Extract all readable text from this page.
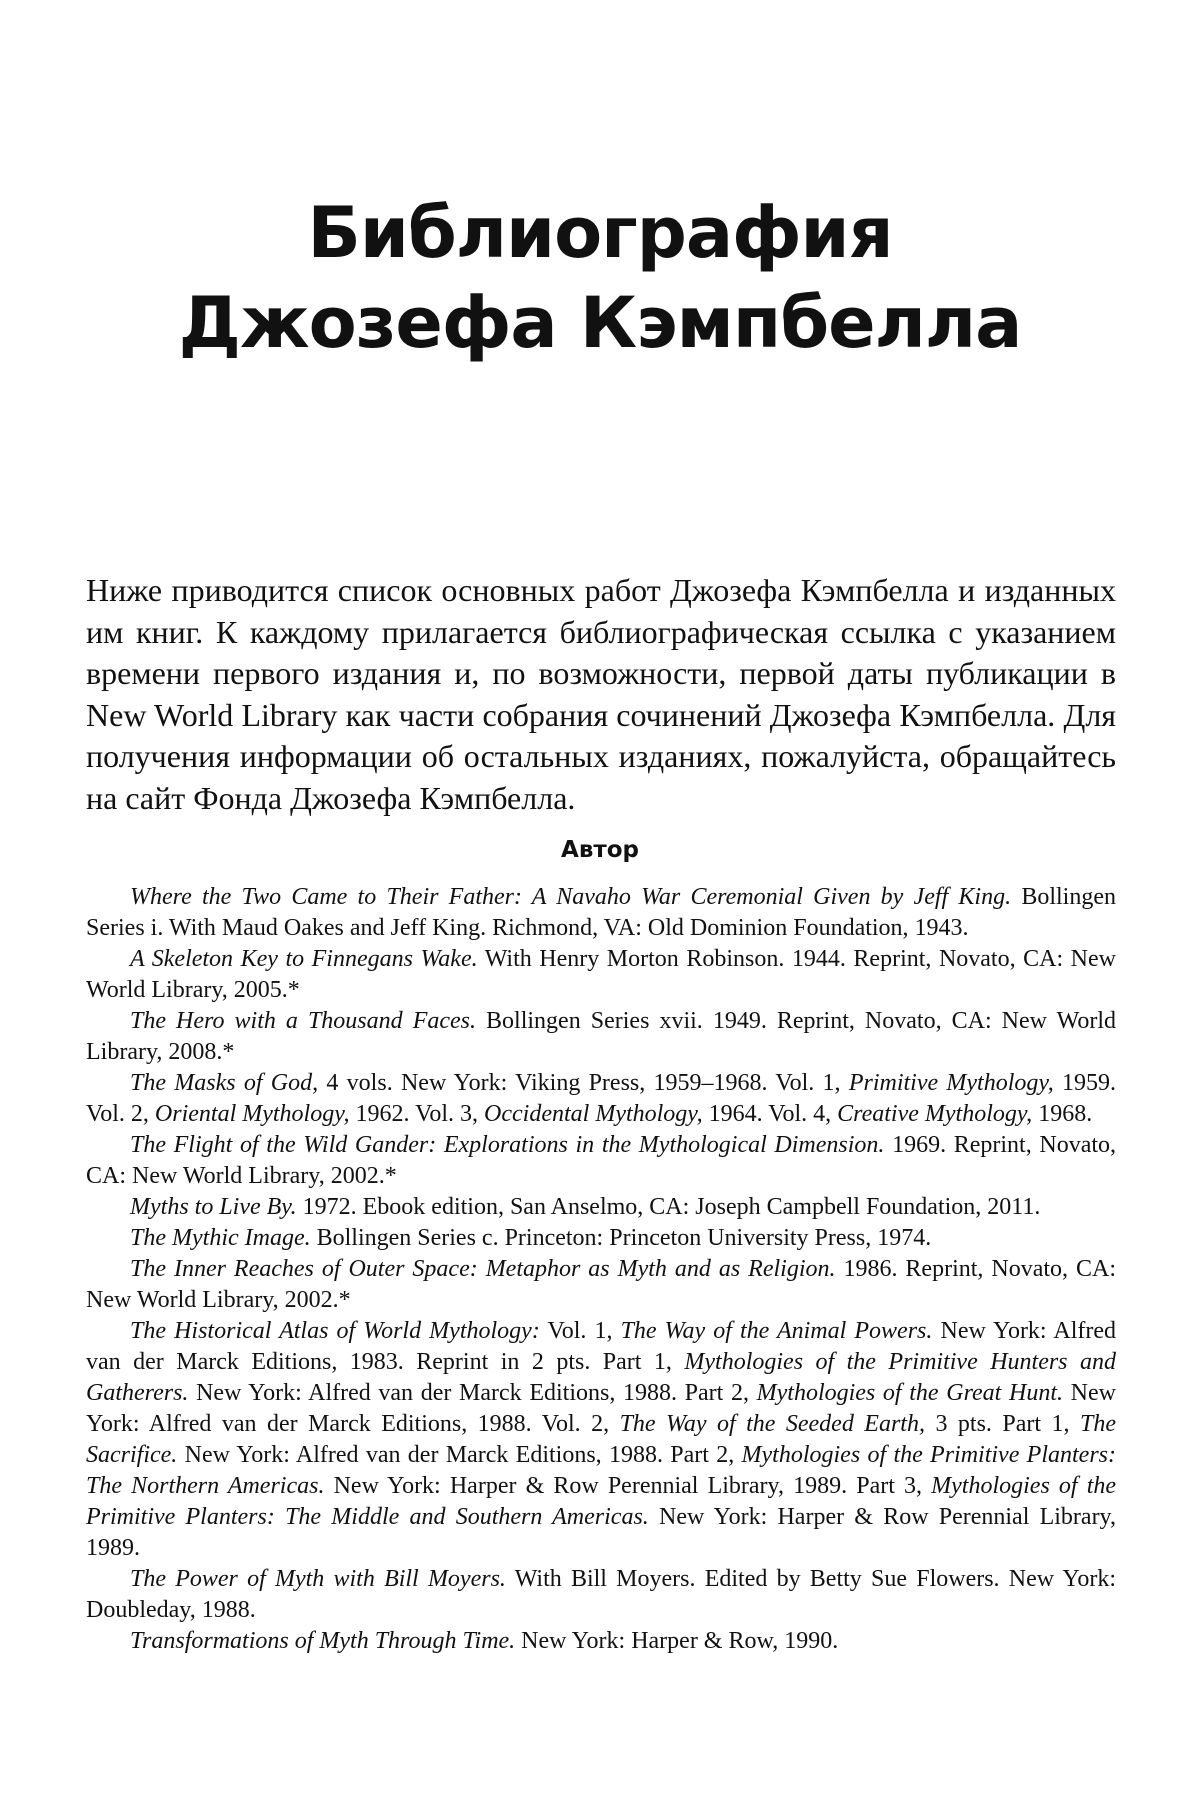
Библиография
Джозефа Кэмпбелла

Ниже приводится список основных работ Джозефа Кэмпбелла и изданных им книг. К каждому прилагается библиографическая ссылка с указанием времени первого издания и, по возможности, первой даты публикации в New World Library как части собрания сочинений Джозефа Кэмпбелла. Для получения информации об остальных изданиях, пожалуйста, обращайтесь на сайт Фонда Джозефа Кэмпбелла.

Автор
Where the Two Came to Their Father: A Navaho War Ceremonial Given by Jeff King. Bollingen Series i. With Maud Oakes and Jeff King. Richmond, VA: Old Dominion Foundation, 1943.
A Skeleton Key to Finnegans Wake. With Henry Morton Robinson. 1944. Reprint, Novato, CA: New World Library, 2005.*
The Hero with a Thousand Faces. Bollingen Series xvii. 1949. Reprint, Novato, CA: New World Library, 2008.*
The Masks of God, 4 vols. New York: Viking Press, 1959–1968. Vol. 1, Primitive Mythology, 1959. Vol. 2, Oriental Mythology, 1962. Vol. 3, Occidental Mythology, 1964. Vol. 4, Creative Mythology, 1968.
The Flight of the Wild Gander: Explorations in the Mythological Dimension. 1969. Reprint, Novato, CA: New World Library, 2002.*
Myths to Live By. 1972. Ebook edition, San Anselmo, CA: Joseph Campbell Foundation, 2011.
The Mythic Image. Bollingen Series c. Princeton: Princeton University Press, 1974.
The Inner Reaches of Outer Space: Metaphor as Myth and as Religion. 1986. Reprint, Novato, CA: New World Library, 2002.*
The Historical Atlas of World Mythology: Vol. 1, The Way of the Animal Powers. New York: Alfred van der Marck Editions, 1983. Reprint in 2 pts. Part 1, Mythologies of the Primitive Hunters and Gatherers. New York: Alfred van der Marck Editions, 1988. Part 2, Mythologies of the Great Hunt. New York: Alfred van der Marck Editions, 1988. Vol. 2, The Way of the Seeded Earth, 3 pts. Part 1, The Sacrifice. New York: Alfred van der Marck Editions, 1988. Part 2, Mythologies of the Primitive Planters: The Northern Americas. New York: Harper & Row Perennial Library, 1989. Part 3, Mythologies of the Primitive Planters: The Middle and Southern Americas. New York: Harper & Row Perennial Library, 1989.
The Power of Myth with Bill Moyers. With Bill Moyers. Edited by Betty Sue Flowers. New York: Doubleday, 1988.
Transformations of Myth Through Time. New York: Harper & Row, 1990.
